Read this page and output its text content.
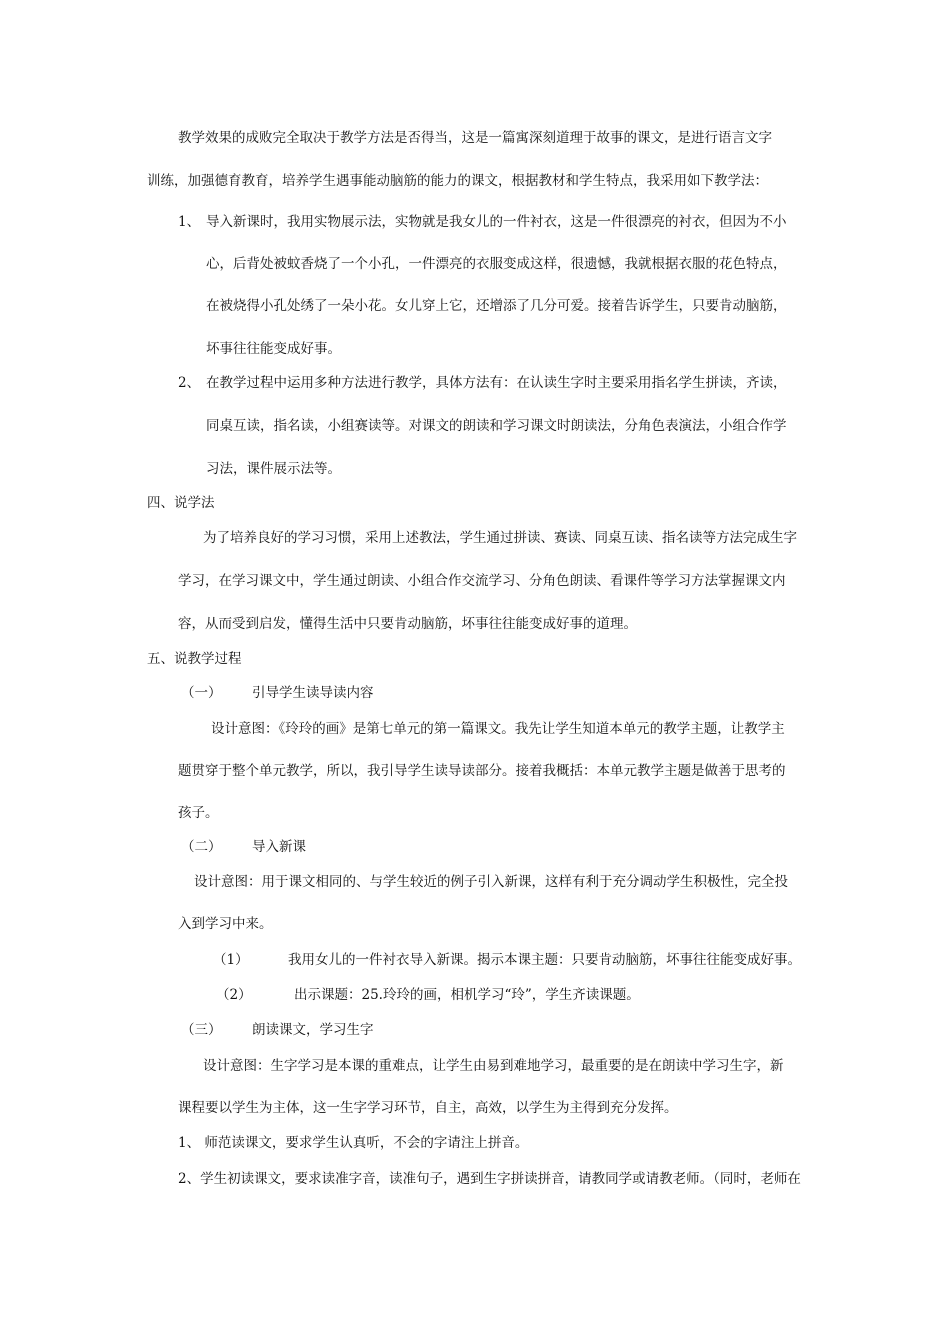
教学效果的成败完全取决于教学方法是否得当，这是一篇寓深刻道理于故事的课文，是进行语言文字
训练，加强德育教育，培养学生遇事能动脑筋的能力的课文，根据教材和学生特点，我采用如下教学法：
1、 导入新课时，我用实物展示法，实物就是我女儿的一件衬衣，这是一件很漂亮的衬衣，但因为不小
心，后背处被蚊香烧了一个小孔，一件漂亮的衣服变成这样，很遗憾，我就根据衣服的花色特点，
在被烧得小孔处绣了一朵小花。女儿穿上它，还增添了几分可爱。接着告诉学生，只要肯动脑筋，
坏事往往能变成好事。
2、 在教学过程中运用多种方法进行教学，具体方法有：在认读生字时主要采用指名学生拼读，齐读，
同桌互读，指名读，小组赛读等。对课文的朗读和学习课文时朗读法，分角色表演法，小组合作学
习法，课件展示法等。
四、说学法
为了培养良好的学习习惯，采用上述教法，学生通过拼读、赛读、同桌互读、指名读等方法完成生字
学习，在学习课文中，学生通过朗读、小组合作交流学习、分角色朗读、看课件等学习方法掌握课文内
容，从而受到启发，懂得生活中只要肯动脑筋，坏事往往能变成好事的道理。
五、说教学过程
（一） 引导学生读导读内容
设计意图：《玲玲的画》是第七单元的第一篇课文。我先让学生知道本单元的教学主题，让教学主
题贯穿于整个单元教学，所以，我引导学生读导读部分。接着我概括：本单元教学主题是做善于思考的
孩子。
（二） 导入新课
设计意图：用于课文相同的、与学生较近的例子引入新课，这样有利于充分调动学生积极性，完全投
入到学习中来。
（1）	我用女儿的一件衬衣导入新课。揭示本课主题：只要肯动脑筋，坏事往往能变成好事。
（2）	出示课题：25.玲玲的画，相机学习“玲”，学生齐读课题。
（三） 朗读课文，学习生字
设计意图：生字学习是本课的重难点，让学生由易到难地学习，最重要的是在朗读中学习生字，新
课程要以学生为主体，这一生字学习环节，自主，高效，以学生为主得到充分发挥。
1、 师范读课文，要求学生认真听，不会的字请注上拼音。
2、学生初读课文，要求读准字音，读准句子，遇到生字拼读拼音，请教同学或请教老师。（同时，老师在
